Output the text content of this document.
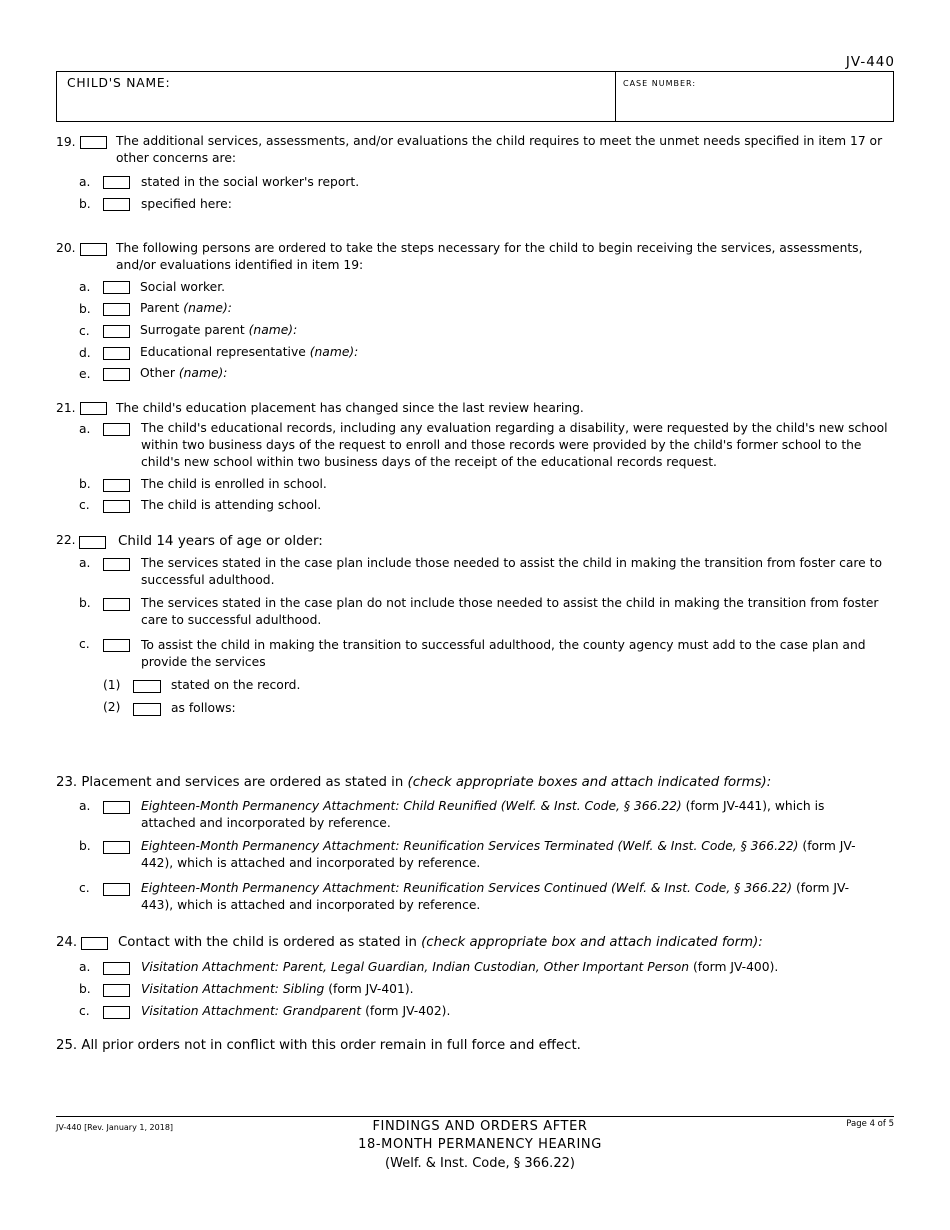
JV-440
CHILD'S NAME:	CASE NUMBER:
19.	The additional services, assessments, and/or evaluations the child requires to meet the unmet needs specified in item 17 or other concerns are:
a.	stated in the social worker's report.
b.	specified here:
20.	The following persons are ordered to take the steps necessary for the child to begin receiving the services, assessments, and/or evaluations identified in item 19:
a.	Social worker.
b.	Parent (name):
c.	Surrogate parent (name):
d.	Educational representative (name):
e.	Other (name):
21.	The child's education placement has changed since the last review hearing.
a.	The child's educational records, including any evaluation regarding a disability, were requested by the child's new school within two business days of the request to enroll and those records were provided by the child's former school to the child's new school within two business days of the receipt of the educational records request.
b.	The child is enrolled in school.
c.	The child is attending school.
22.	Child 14 years of age or older:
a.	The services stated in the case plan include those needed to assist the child in making the transition from foster care to successful adulthood.
b.	The services stated in the case plan do not include those needed to assist the child in making the transition from foster care to successful adulthood.
c.	To assist the child in making the transition to successful adulthood, the county agency must add to the case plan and provide the services
(1)	stated on the record.
(2)	as follows:
23. Placement and services are ordered as stated in (check appropriate boxes and attach indicated forms):
a.	Eighteen-Month Permanency Attachment: Child Reunified (Welf. & Inst. Code, § 366.22) (form JV-441), which is attached and incorporated by reference.
b.	Eighteen-Month Permanency Attachment: Reunification Services Terminated (Welf. & Inst. Code, § 366.22) (form JV-442), which is attached and incorporated by reference.
c.	Eighteen-Month Permanency Attachment: Reunification Services Continued (Welf. & Inst. Code, § 366.22) (form JV-443), which is attached and incorporated by reference.
24.	Contact with the child is ordered as stated in (check appropriate box and attach indicated form):
a.	Visitation Attachment: Parent, Legal Guardian, Indian Custodian, Other Important Person (form JV-400).
b.	Visitation Attachment: Sibling (form JV-401).
c.	Visitation Attachment: Grandparent (form JV-402).
25. All prior orders not in conflict with this order remain in full force and effect.
JV-440 [Rev. January 1, 2018]	FINDINGS AND ORDERS AFTER
18-MONTH PERMANENCY HEARING
(Welf. & Inst. Code, § 366.22)
Page 4 of 5
